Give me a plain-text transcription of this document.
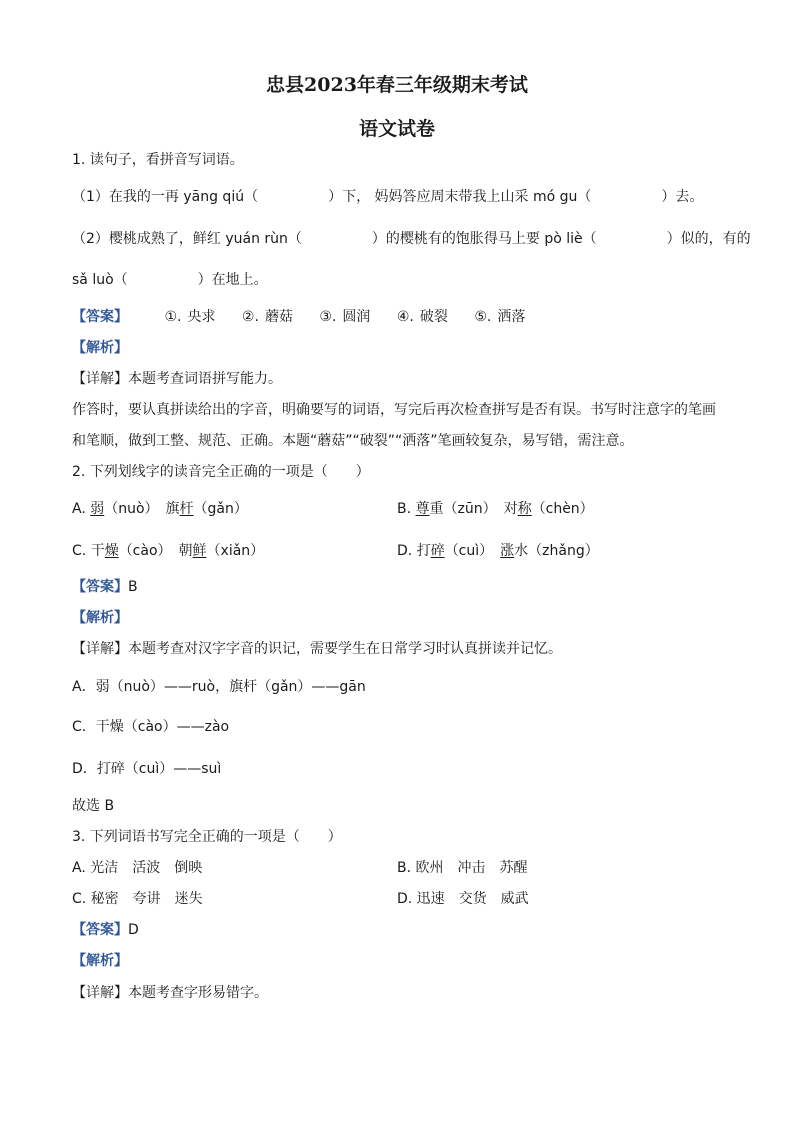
忠县2023年春三年级期末考试
语文试卷
1. 读句子，看拼音写词语。
（1）在我的一再 yāng qiú（　　　　　）下， 妈妈答应周末带我上山采 mó gu（　　　　　）去。
（2）樱桃成熟了，鲜红 yuán rùn（　　　　　）的樱桃有的饱胀得马上要 pò liè（　　　　　）似的，有的
sǎ luò（　　　　　）在地上。
【答案】	①. 央求 ②. 蘑菇 ③. 圆润 ④. 破裂 ⑤. 洒落
【解析】
【详解】本题考查词语拼写能力。
作答时，要认真拼读给出的字音，明确要写的词语，写完后再次检查拼写是否有误。书写时注意字的笔画
和笔顺，做到工整、规范、正确。本题“蘑菇”“破裂”“洒落”笔画较复杂，易写错，需注意。
2. 下列划线字的读音完全正确的一项是（　　）
A. 弱（nuò）　旗杆（gǎn）	B. 尊重（zūn）　对称（chèn）
C. 干燥（cào）　朝鲜（xiǎn）	D. 打碎（cuì）　涨水（zhǎng）
【答案】B
【解析】
【详解】本题考查对汉字字音的识记，需要学生在日常学习时认真拼读并记忆。
A．弱（nuò）——ruò，旗杆（gǎn）——gān
C．干燥（cào）——zào
D．打碎（cuì）——suì
故选 B
3. 下列词语书写完全正确的一项是（　　）
A. 光洁　活波　倒映	B. 欧州　冲击　苏醒
C. 秘密　夸讲　迷失	D. 迅速　交货　威武
【答案】D
【解析】
【详解】本题考查字形易错字。
